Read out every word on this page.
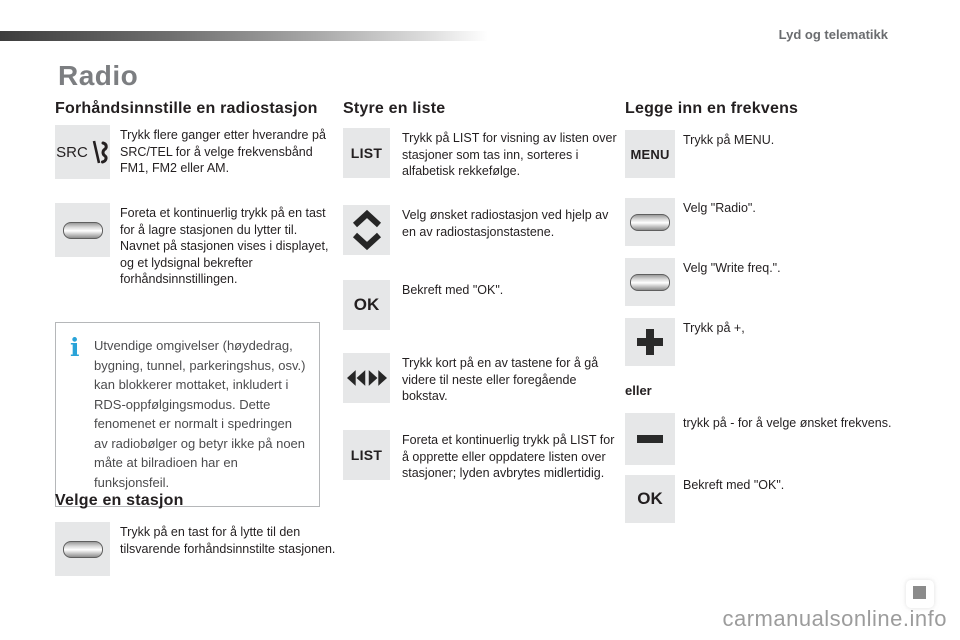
Lyd og telematikk
Radio
Forhåndsinnstille en radiostasjon
SRC
Trykk flere ganger etter hverandre på SRC/TEL for å velge frekvensbånd FM1, FM2 eller AM.
Foreta et kontinuerlig trykk på en tast for å lagre stasjonen du lytter til. Navnet på stasjonen vises i displayet, og et lydsignal bekrefter forhåndsinnstillingen.
i	Utvendige omgivelser (høydedrag, bygning, tunnel, parkeringshus, osv.) kan blokkerer mottaket, inkludert i RDS-oppfølgingsmodus. Dette fenomenet er normalt i spedringen av radiobølger og betyr ikke på noen måte at bilradioen har en funksjonsfeil.
Velge en stasjon
Trykk på en tast for å lytte til den tilsvarende forhåndsinnstilte stasjonen.
Styre en liste
LIST
Trykk på LIST for visning av listen over stasjoner som tas inn, sorteres i alfabetisk rekkefølge.
Velg ønsket radiostasjon ved hjelp av en av radiostasjonstastene.
OK
Bekreft med "OK".
Trykk kort på en av tastene for å gå videre til neste eller foregående bokstav.
LIST
Foreta et kontinuerlig trykk på LIST for å opprette eller oppdatere listen over stasjoner; lyden avbrytes midlertidig.
Legge inn en frekvens
MENU
Trykk på MENU.
Velg "Radio".
Velg "Write freq.".
Trykk på +,
eller
trykk på - for å velge ønsket frekvens.
OK
Bekreft med "OK".
carmanualsonline.info
